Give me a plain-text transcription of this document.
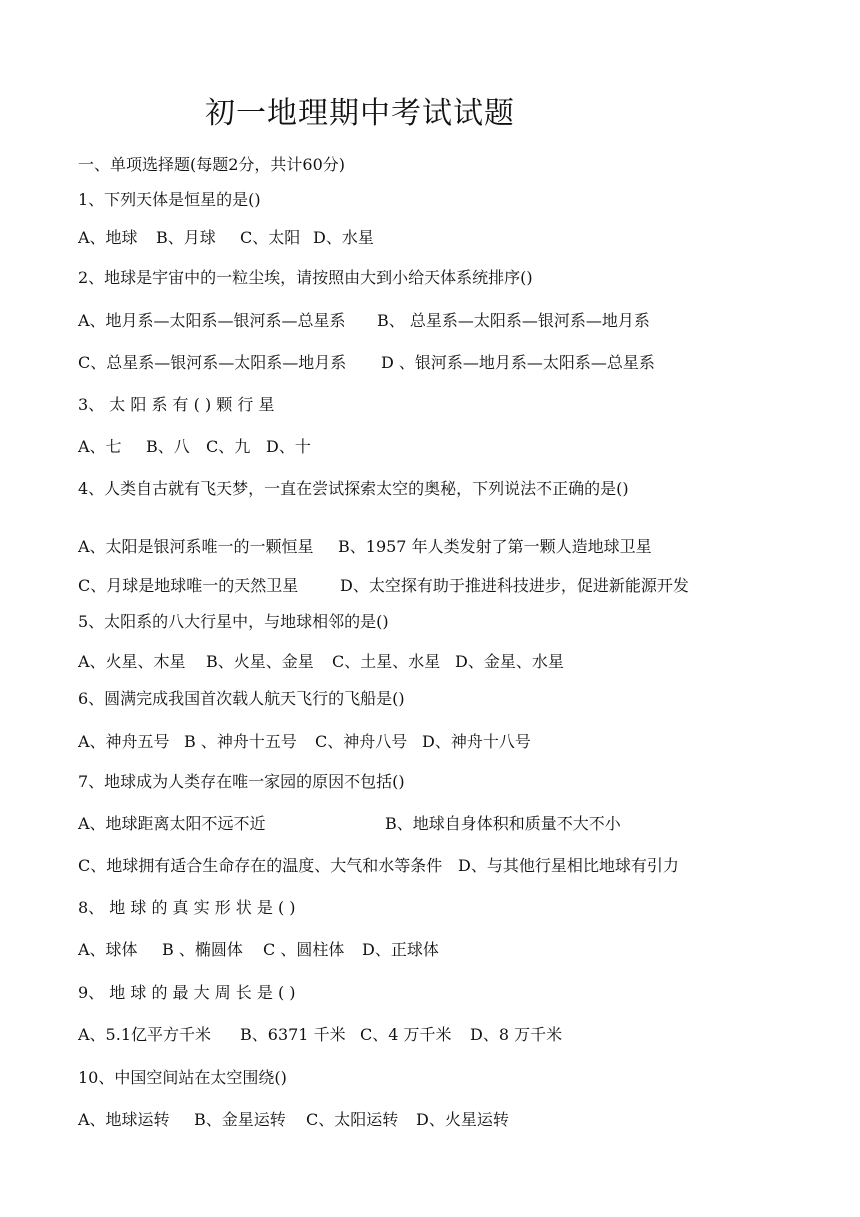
初一地理期中考试试题
一、单项选择题(每题2分，共计60分)
1、下列天体是恒星的是()
A、地球 B、月球 C、太阳 D、水星
2、地球是宇宙中的一粒尘埃，请按照由大到小给天体系统排序()
A、地月系—太阳系—银河系—总星系 B、 总星系—太阳系—银河系—地月系
C、总星系—银河系—太阳系—地月系 D 、银河系—地月系—太阳系—总星系
3、 太 阳 系 有 ( ) 颗 行 星
A、七 B、八 C、九 D、十
4、人类自古就有飞天梦，一直在尝试探索太空的奥秘，下列说法不正确的是()
A、太阳是银河系唯一的一颗恒星 B、1957 年人类发射了第一颗人造地球卫星
C、月球是地球唯一的天然卫星	D、太空探有助于推进科技进步，促进新能源开发
5、太阳系的八大行星中，与地球相邻的是()
A、火星、木星 B、火星、金星 C、土星、水星 D、金星、水星
6、圆满完成我国首次载人航天飞行的飞船是()
A、神舟五号 B 、神舟十五号 C、神舟八号 D、神舟十八号
7、地球成为人类存在唯一家园的原因不包括()
A、地球距离太阳不远不近	B、地球自身体积和质量不大不小
C、地球拥有适合生命存在的温度、大气和水等条件 D、与其他行星相比地球有引力
8、 地 球 的 真 实 形 状 是 ( )
A、球体 B 、椭圆体 C 、圆柱体 D、正球体
9、 地 球 的 最 大 周 长 是 ( )
A、5.1亿平方千米 B、6371 千米 C、4 万千米 D、8 万千米
10、中国空间站在太空围绕()
A、地球运转 B、金星运转 C、太阳运转 D、火星运转
